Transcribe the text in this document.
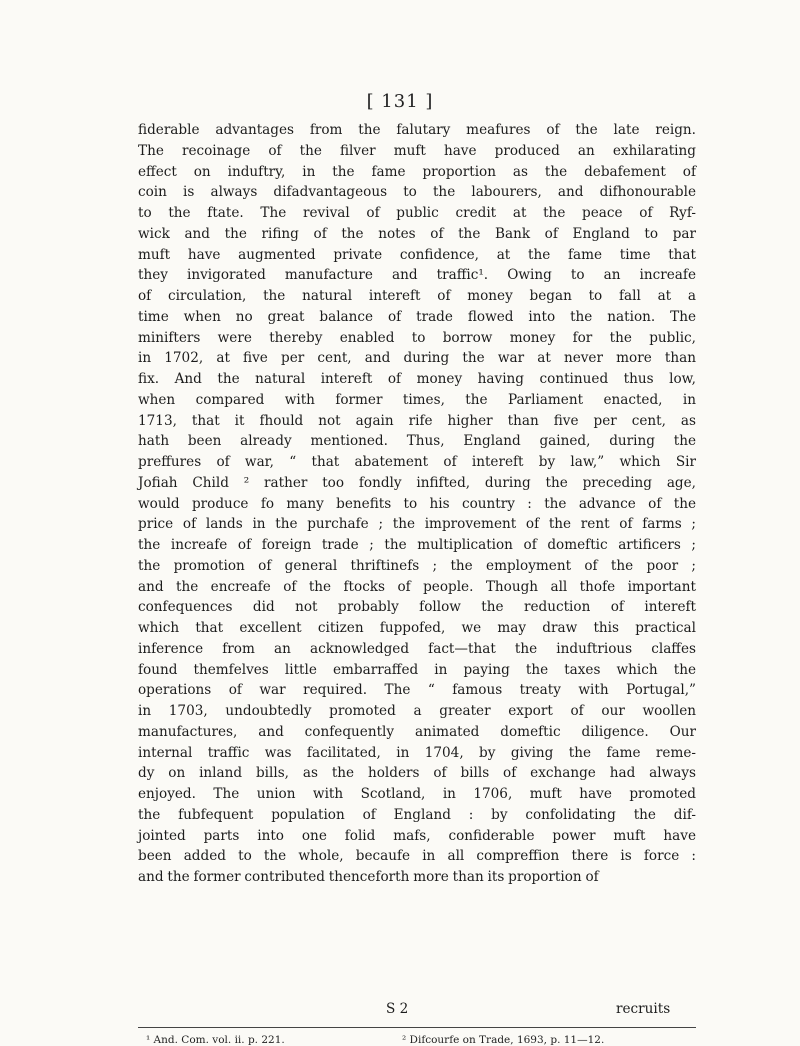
[ 131 ]
fiderable advantages from the falutary meafures of the late reign.
The recoinage of the filver muft have produced an exhilarating
effect on induftry, in the fame proportion as the debafement of
coin is always difadvantageous to the labourers, and difhonourable
to the ftate. The revival of public credit at the peace of Ryf-
wick and the rifing of the notes of the Bank of England to par
muft have augmented private confidence, at the fame time that
they invigorated manufacture and traffic¹. Owing to an increafe
of circulation, the natural intereft of money began to fall at a
time when no great balance of trade flowed into the nation. The
minifters were thereby enabled to borrow money for the public,
in 1702, at five per cent, and during the war at never more than
fix. And the natural intereft of money having continued thus low,
when compared with former times, the Parliament enacted, in
1713, that it fhould not again rife higher than five per cent, as
hath been already mentioned. Thus, England gained, during the
preffures of war, “ that abatement of intereft by law,” which Sir
Jofiah Child ² rather too fondly infifted, during the preceding age,
would produce fo many benefits to his country : the advance of the
price of lands in the purchafe ; the improvement of the rent of farms ;
the increafe of foreign trade ; the multiplication of domeftic artificers ;
the promotion of general thriftinefs ; the employment of the poor ;
and the encreafe of the ftocks of people. Though all thofe important
confequences did not probably follow the reduction of intereft
which that excellent citizen fuppofed, we may draw this practical
inference from an acknowledged fact—that the induftrious claffes
found themfelves little embarraffed in paying the taxes which the
operations of war required. The “ famous treaty with Portugal,”
in 1703, undoubtedly promoted a greater export of our woollen
manufactures, and confequently animated domeftic diligence. Our
internal traffic was facilitated, in 1704, by giving the fame reme-
dy on inland bills, as the holders of bills of exchange had always
enjoyed. The union with Scotland, in 1706, muft have promoted
the fubfequent population of England : by confolidating the dif-
jointed parts into one folid mafs, confiderable power muft have
been added to the whole, becaufe in all compreffion there is force :
and the former contributed thenceforth more than its proportion of
S 2	recruits
¹ And. Com. vol. ii. p. 221.	² Difcourfe on Trade, 1693, p. 11—12.
